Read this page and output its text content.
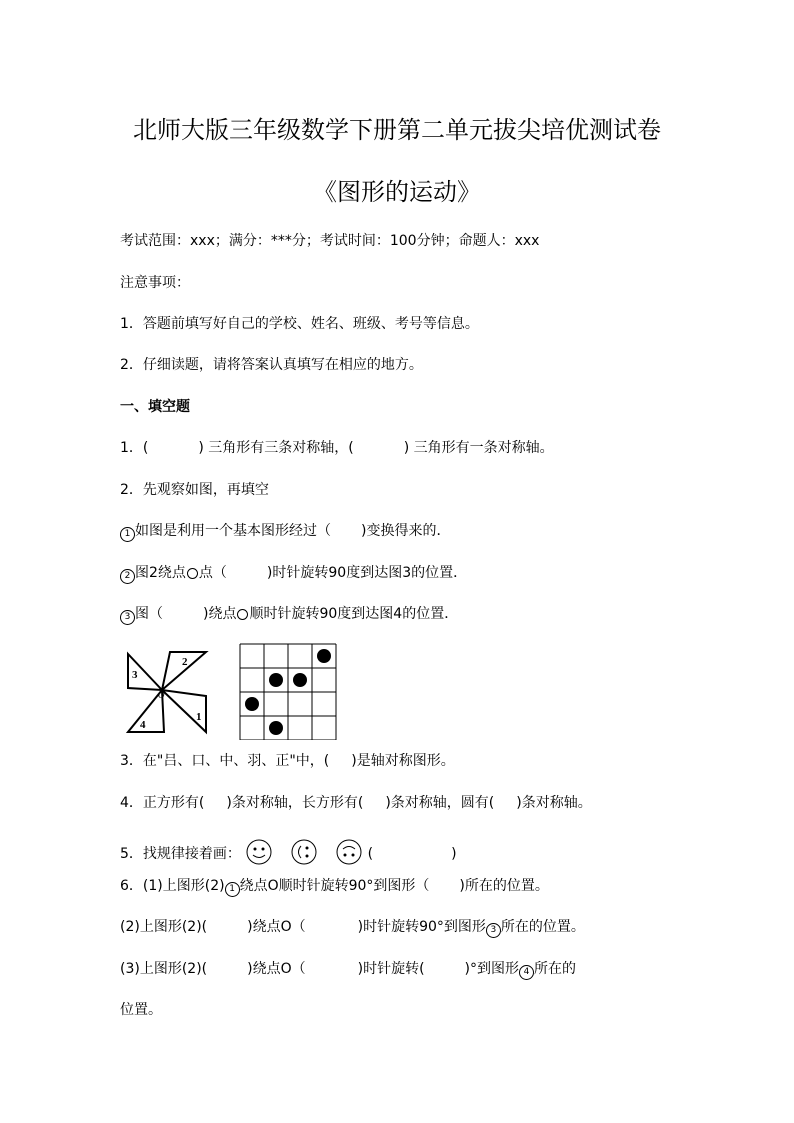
北师大版三年级数学下册第二单元拔尖培优测试卷
《图形的运动》
考试范围：xxx；满分：***分；考试时间：100分钟；命题人：xxx
注意事项：
1．答题前填写好自己的学校、姓名、班级、考号等信息。
2．仔细读题，请将答案认真填写在相应的地方。
一、填空题
1．(	) 三角形有三条对称轴，(	) 三角形有一条对称轴。
2．先观察如图，再填空
1 如图是利用一个基本图形经过（ )变换得来的．
2 图2绕点 点（	)时针旋转90度到达图3的位置．
3 图（	)绕点 顺时针旋转90度到达图4的位置．
2
3
4
1
O
3．在"吕、口、中、羽、正"中，( )是轴对称图形。
4．正方形有( )条对称轴，长方形有( )条对称轴，圆有( )条对称轴。
5．找规律接着画：	(	)
6．(1)上图形(2) 1 绕点O顺时针旋转90°到图形（ )所在的位置。
(2)上图形(2)(	)绕点O（	)时针旋转90°到图形 3 所在的位置。
(3)上图形(2)(	)绕点O（	)时针旋转(	)°到图形 4 所在的
位置。
